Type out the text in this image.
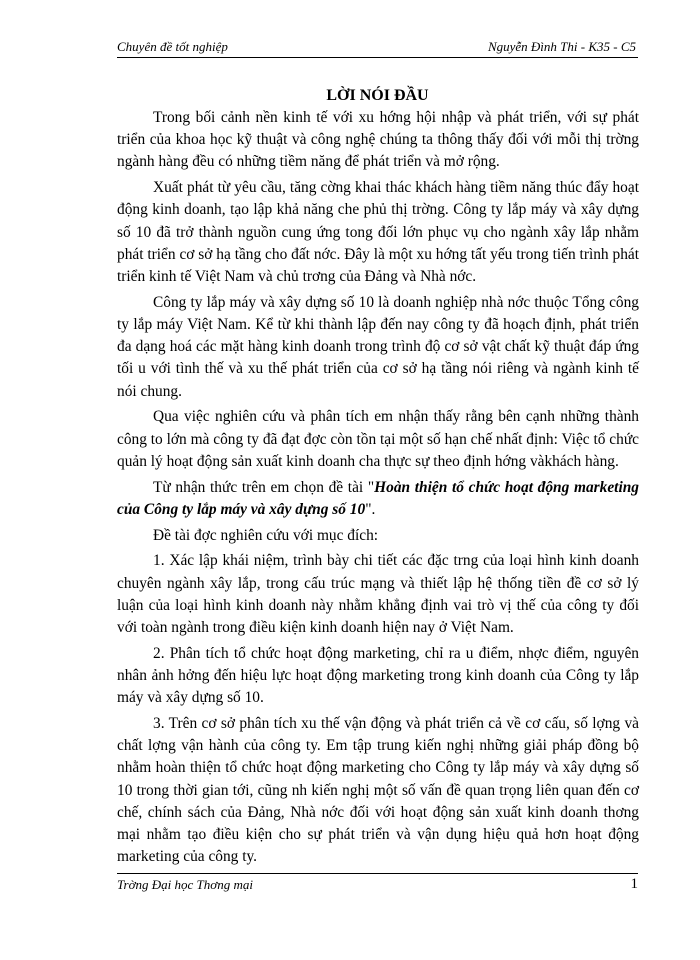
Chuyên đề tốt nghiệp	Nguyễn Đình Thi - K35 - C5
LỜI NÓI ĐẦU

Trong bối cảnh nền kinh tế với xu hớng hội nhập và phát triển, với sự phát triển của khoa học kỹ thuật và công nghệ chúng ta thông thấy đối với mỗi thị trờng ngành hàng đều có những tiềm năng để phát triển và mở rộng.

Xuất phát từ yêu cầu, tăng cờng khai thác khách hàng tiềm năng thúc đẩy hoạt động kinh doanh, tạo lập khả năng che phủ thị trờng. Công ty lắp máy và xây dựng số 10 đã trở thành nguồn cung ứng tong đối lớn phục vụ cho ngành xây lắp nhằm phát triển cơ sở hạ tầng cho đất nớc. Đây là một xu hớng tất yếu trong tiến trình phát triển kinh tế Việt Nam và chủ trơng của Đảng và Nhà nớc.

Công ty lắp máy và xây dựng số 10 là doanh nghiệp nhà nớc thuộc Tổng công ty lắp máy Việt Nam. Kể từ khi thành lập đến nay công ty đã hoạch định, phát triển đa dạng hoá các mặt hàng kinh doanh trong trình độ cơ sở vật chất kỹ thuật đáp ứng tối u với tình thế và xu thế phát triển của cơ sở hạ tầng nói riêng và ngành kinh tế nói chung.

Qua việc nghiên cứu và phân tích em nhận thấy rằng bên cạnh những thành công to lớn mà công ty đã đạt đợc còn tồn tại một số hạn chế nhất định: Việc tổ chức quản lý hoạt động sản xuất kinh doanh cha thực sự theo định hớng vàkhách hàng.

Từ nhận thức trên em chọn đề tài "Hoàn thiện tổ chức hoạt động marketing của Công ty lắp máy và xây dựng số 10".

Đề tài đợc nghiên cứu với mục đích:

1. Xác lập khái niệm, trình bày chi tiết các đặc trng của loại hình kinh doanh chuyên ngành xây lắp, trong cấu trúc mạng và thiết lập hệ thống tiền đề cơ sở lý luận của loại hình kinh doanh này nhằm khẳng định vai trò vị thế của công ty đối với toàn ngành trong điều kiện kinh doanh hiện nay ở Việt Nam.

2. Phân tích tổ chức hoạt động marketing, chỉ ra u điểm, nhợc điểm, nguyên nhân ảnh hởng đến hiệu lực hoạt động marketing trong kinh doanh của Công ty lắp máy và xây dựng số 10.

3. Trên cơ sở phân tích xu thế vận động và phát triển cả về cơ cấu, số lợng và chất lợng vận hành của công ty. Em tập trung kiến nghị những giải pháp đồng bộ nhằm hoàn thiện tổ chức hoạt động marketing cho Công ty lắp máy và xây dựng số 10 trong thời gian tới, cũng nh kiến nghị một số vấn đề quan trọng liên quan đến cơ chế, chính sách của Đảng, Nhà nớc đối với hoạt động sản xuất kinh doanh thơng mại nhằm tạo điều kiện cho sự phát triển và vận dụng hiệu quả hơn hoạt động marketing của công ty.

Trờng Đại học Thơng mại	1
